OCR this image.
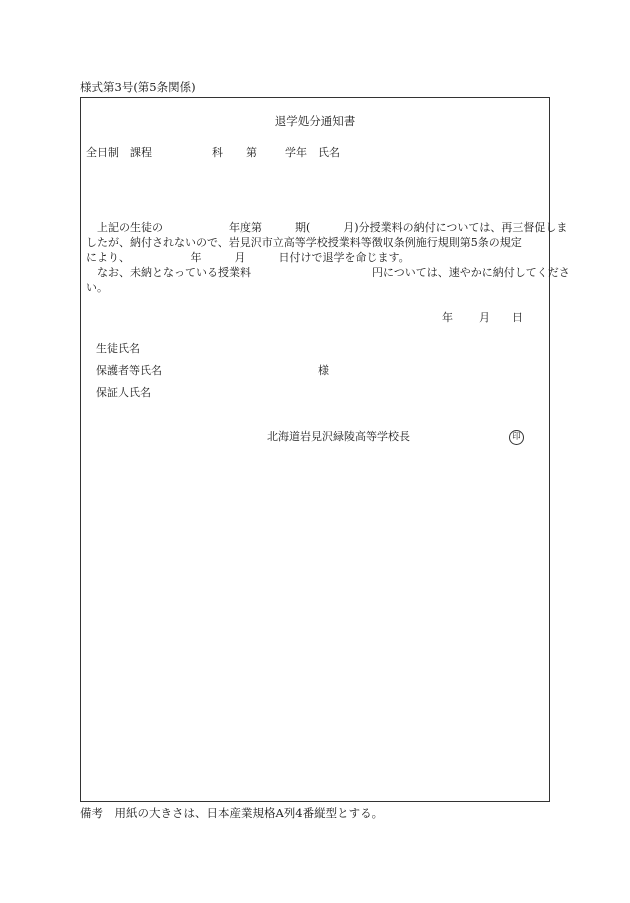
様式第3号(第5条関係)
退学処分通知書
全日制 課程	科 第	学年 氏名

　上記の生徒の　　　　　　年度第　　　期(　　　月)分授業料の納付については、再三督促しま

したが、納付されないので、岩見沢市立高等学校授業料等徴収条例施行規則第5条の規定

により、　　　　　　年　　　月　　　日付けで退学を命じます。

　なお、未納となっている授業料　　　　　　　　　　　円については、速やかに納付してくださ

い。

年 月 日
生徒氏名
保護者等氏名	様
保証人氏名
北海道岩見沢緑陵高等学校長	印
備考　用紙の大きさは、日本産業規格A列4番縦型とする。
